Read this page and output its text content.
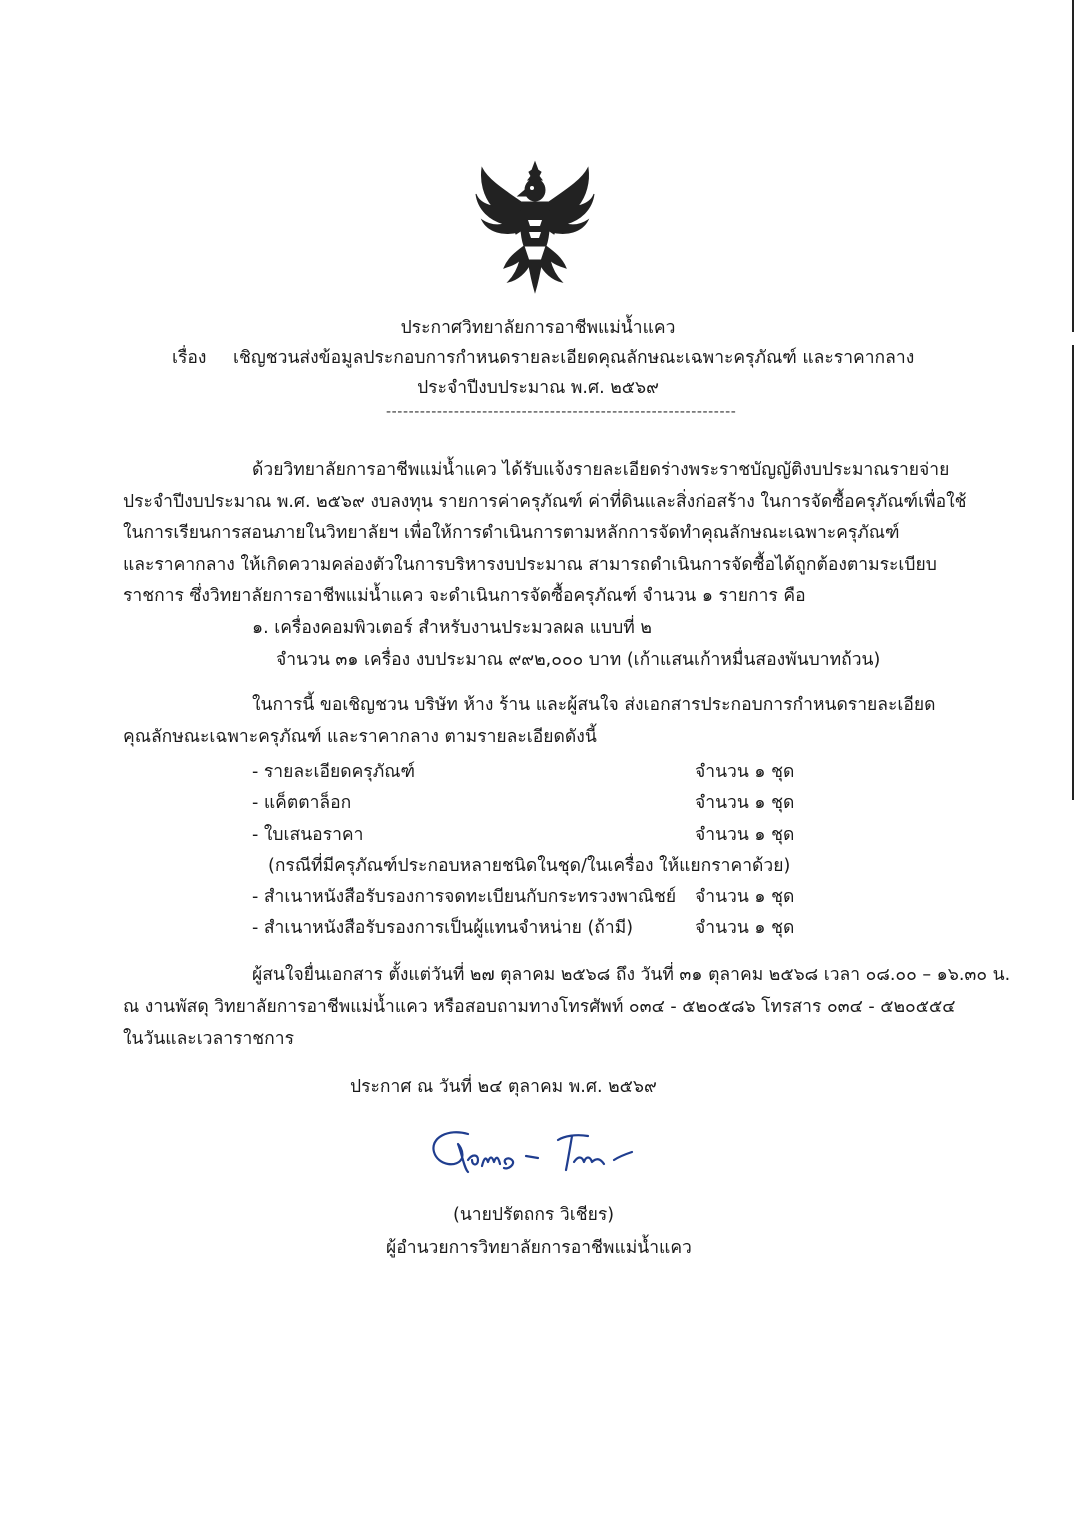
ประกาศวิทยาลัยการอาชีพแม่น้ำแคว
เรื่อง เชิญชวนส่งข้อมูลประกอบการกำหนดรายละเอียดคุณลักษณะเฉพาะครุภัณฑ์ และราคากลาง
ประจำปีงบประมาณ พ.ศ. ๒๕๖๙
--------------------------------------------------------------
ด้วยวิทยาลัยการอาชีพแม่น้ำแคว ได้รับแจ้งรายละเอียดร่างพระราชบัญญัติงบประมาณรายจ่าย
ประจำปีงบประมาณ พ.ศ. ๒๕๖๙ งบลงทุน รายการค่าครุภัณฑ์ ค่าที่ดินและสิ่งก่อสร้าง ในการจัดซื้อครุภัณฑ์เพื่อใช้
ในการเรียนการสอนภายในวิทยาลัยฯ เพื่อให้การดำเนินการตามหลักการจัดทำคุณลักษณะเฉพาะครุภัณฑ์
และราคากลาง ให้เกิดความคล่องตัวในการบริหารงบประมาณ สามารถดำเนินการจัดซื้อได้ถูกต้องตามระเบียบ
ราชการ ซึ่งวิทยาลัยการอาชีพแม่น้ำแคว จะดำเนินการจัดซื้อครุภัณฑ์ จำนวน ๑ รายการ คือ
๑. เครื่องคอมพิวเตอร์ สำหรับงานประมวลผล แบบที่ ๒
จำนวน ๓๑ เครื่อง งบประมาณ ๙๙๒,๐๐๐ บาท (เก้าแสนเก้าหมื่นสองพันบาทถ้วน)
ในการนี้ ขอเชิญชวน บริษัท ห้าง ร้าน และผู้สนใจ ส่งเอกสารประกอบการกำหนดรายละเอียด
คุณลักษณะเฉพาะครุภัณฑ์ และราคากลาง ตามรายละเอียดดังนี้
- รายละเอียดครุภัณฑ์	จำนวน ๑ ชุด
- แค็ตตาล็อก	จำนวน ๑ ชุด
- ใบเสนอราคา	จำนวน ๑ ชุด
(กรณีที่มีครุภัณฑ์ประกอบหลายชนิดในชุด/ในเครื่อง ให้แยกราคาด้วย)
- สำเนาหนังสือรับรองการจดทะเบียนกับกระทรวงพาณิชย์ จำนวน ๑ ชุด
- สำเนาหนังสือรับรองการเป็นผู้แทนจำหน่าย (ถ้ามี)	จำนวน ๑ ชุด
ผู้สนใจยื่นเอกสาร ตั้งแต่วันที่ ๒๗ ตุลาคม ๒๕๖๘ ถึง วันที่ ๓๑ ตุลาคม ๒๕๖๘ เวลา ๐๘.๐๐ – ๑๖.๓๐ น.
ณ งานพัสดุ วิทยาลัยการอาชีพแม่น้ำแคว หรือสอบถามทางโทรศัพท์ ๐๓๔ - ๕๒๐๕๘๖ โทรสาร ๐๓๔ - ๕๒๐๕๕๔
ในวันและเวลาราชการ
ประกาศ ณ วันที่ ๒๔ ตุลาคม พ.ศ. ๒๕๖๙
(นายปรัตถกร วิเชียร)
ผู้อำนวยการวิทยาลัยการอาชีพแม่น้ำแคว
